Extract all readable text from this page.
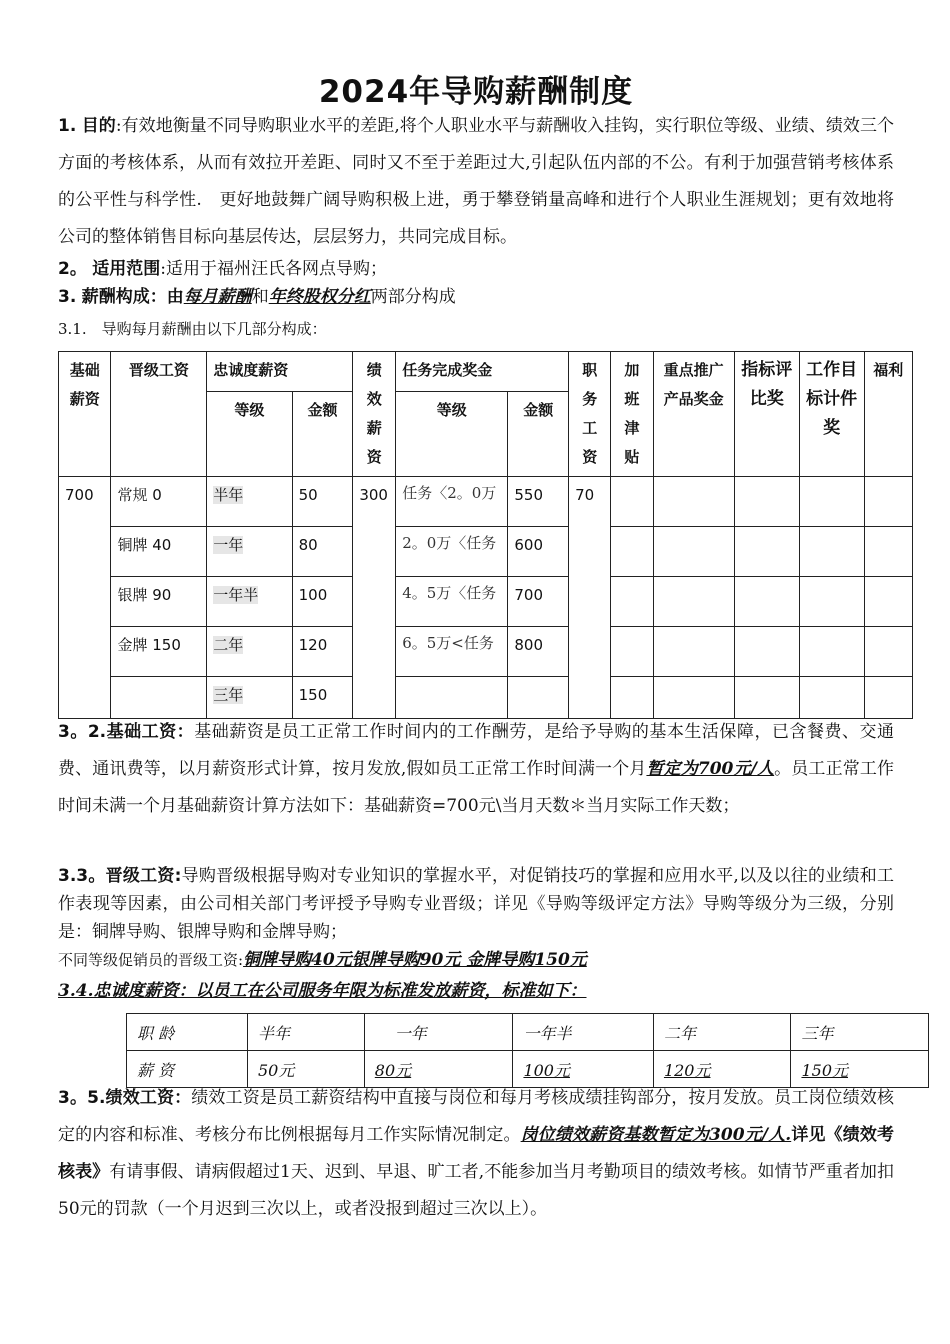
2024年导购薪酬制度
1. 目的:有效地衡量不同导购职业水平的差距,将个人职业水平与薪酬收入挂钩，实行职位等级、业绩、绩效三个方面的考核体系，从而有效拉开差距、同时又不至于差距过大,引起队伍内部的不公。有利于加强营销考核体系的公平性与科学性.　更好地鼓舞广阔导购积极上进，勇于攀登销量高峰和进行个人职业生涯规划；更有效地将公司的整体销售目标向基层传达，层层努力，共同完成目标。
2。 适用范围:适用于福州汪氏各网点导购；
3. 薪酬构成：由每月薪酬和年终股权分红两部分构成
3.1.　导购每月薪酬由以下几部分构成：
基础薪资	晋级工资	忠诚度薪资		绩效薪资	任务完成奖金		职务工资	加班津贴	重点推广产品奖金	指标评比奖	工作目标计件奖	福利
		等级	金额		等级	金额						
700	常规 0	半年	50	300	任务〈2。0万	550	70					
	铜牌 40	一年	80		2。0万〈任务	600						
	银牌 90	一年半	100		4。5万〈任务	700						
	金牌 150	二年	120		6。5万<任务	800						
		三年	150									
3。2.基础工资：基础薪资是员工正常工作时间内的工作酬劳，是给予导购的基本生活保障，已含餐费、交通费、通讯费等，以月薪资形式计算，按月发放,假如员工正常工作时间满一个月暂定为700元/人。员工正常工作时间未满一个月基础薪资计算方法如下：基础薪资=700元\当月天数＊当月实际工作天数；
3.3。晋级工资:导购晋级根据导购对专业知识的掌握水平，对促销技巧的掌握和应用水平,以及以往的业绩和工作表现等因素，由公司相关部门考评授予导购专业晋级；详见《导购等级评定方法》导购等级分为三级，分别是：铜牌导购、银牌导购和金牌导购；
不同等级促销员的晋级工资:铜牌导购40元银牌导购90元 金牌导购150元
3.4.忠诚度薪资：以员工在公司服务年限为标准发放薪资，标准如下：
职 龄	半年	一年	一年半	二年	三年
薪 资	50元	80元	100元	120元	150元
3。5.绩效工资：绩效工资是员工薪资结构中直接与岗位和每月考核成绩挂钩部分，按月发放。员工岗位绩效核定的内容和标准、考核分布比例根据每月工作实际情况制定。岗位绩效薪资基数暂定为300元/人.详见《绩效考核表》有请事假、请病假超过1天、迟到、早退、旷工者,不能参加当月考勤项目的绩效考核。如情节严重者加扣50元的罚款（一个月迟到三次以上，或者没报到超过三次以上）。
